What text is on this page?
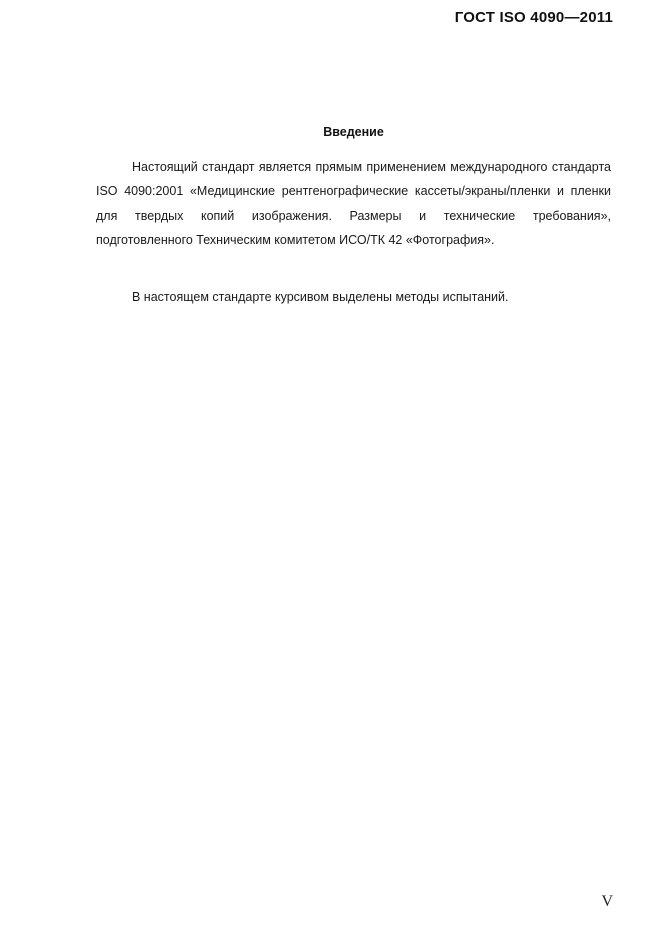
ГОСТ ISO 4090—2011
Введение

Настоящий стандарт является прямым применением международного стандарта ISO 4090:2001 «Медицинские рентгенографические кассеты/экраны/пленки и пленки для твердых копий изображения. Размеры и технические требования», подготовленного Техническим комитетом ИСО/ТК 42 «Фотография».

В настоящем стандарте курсивом выделены методы испытаний.

V
